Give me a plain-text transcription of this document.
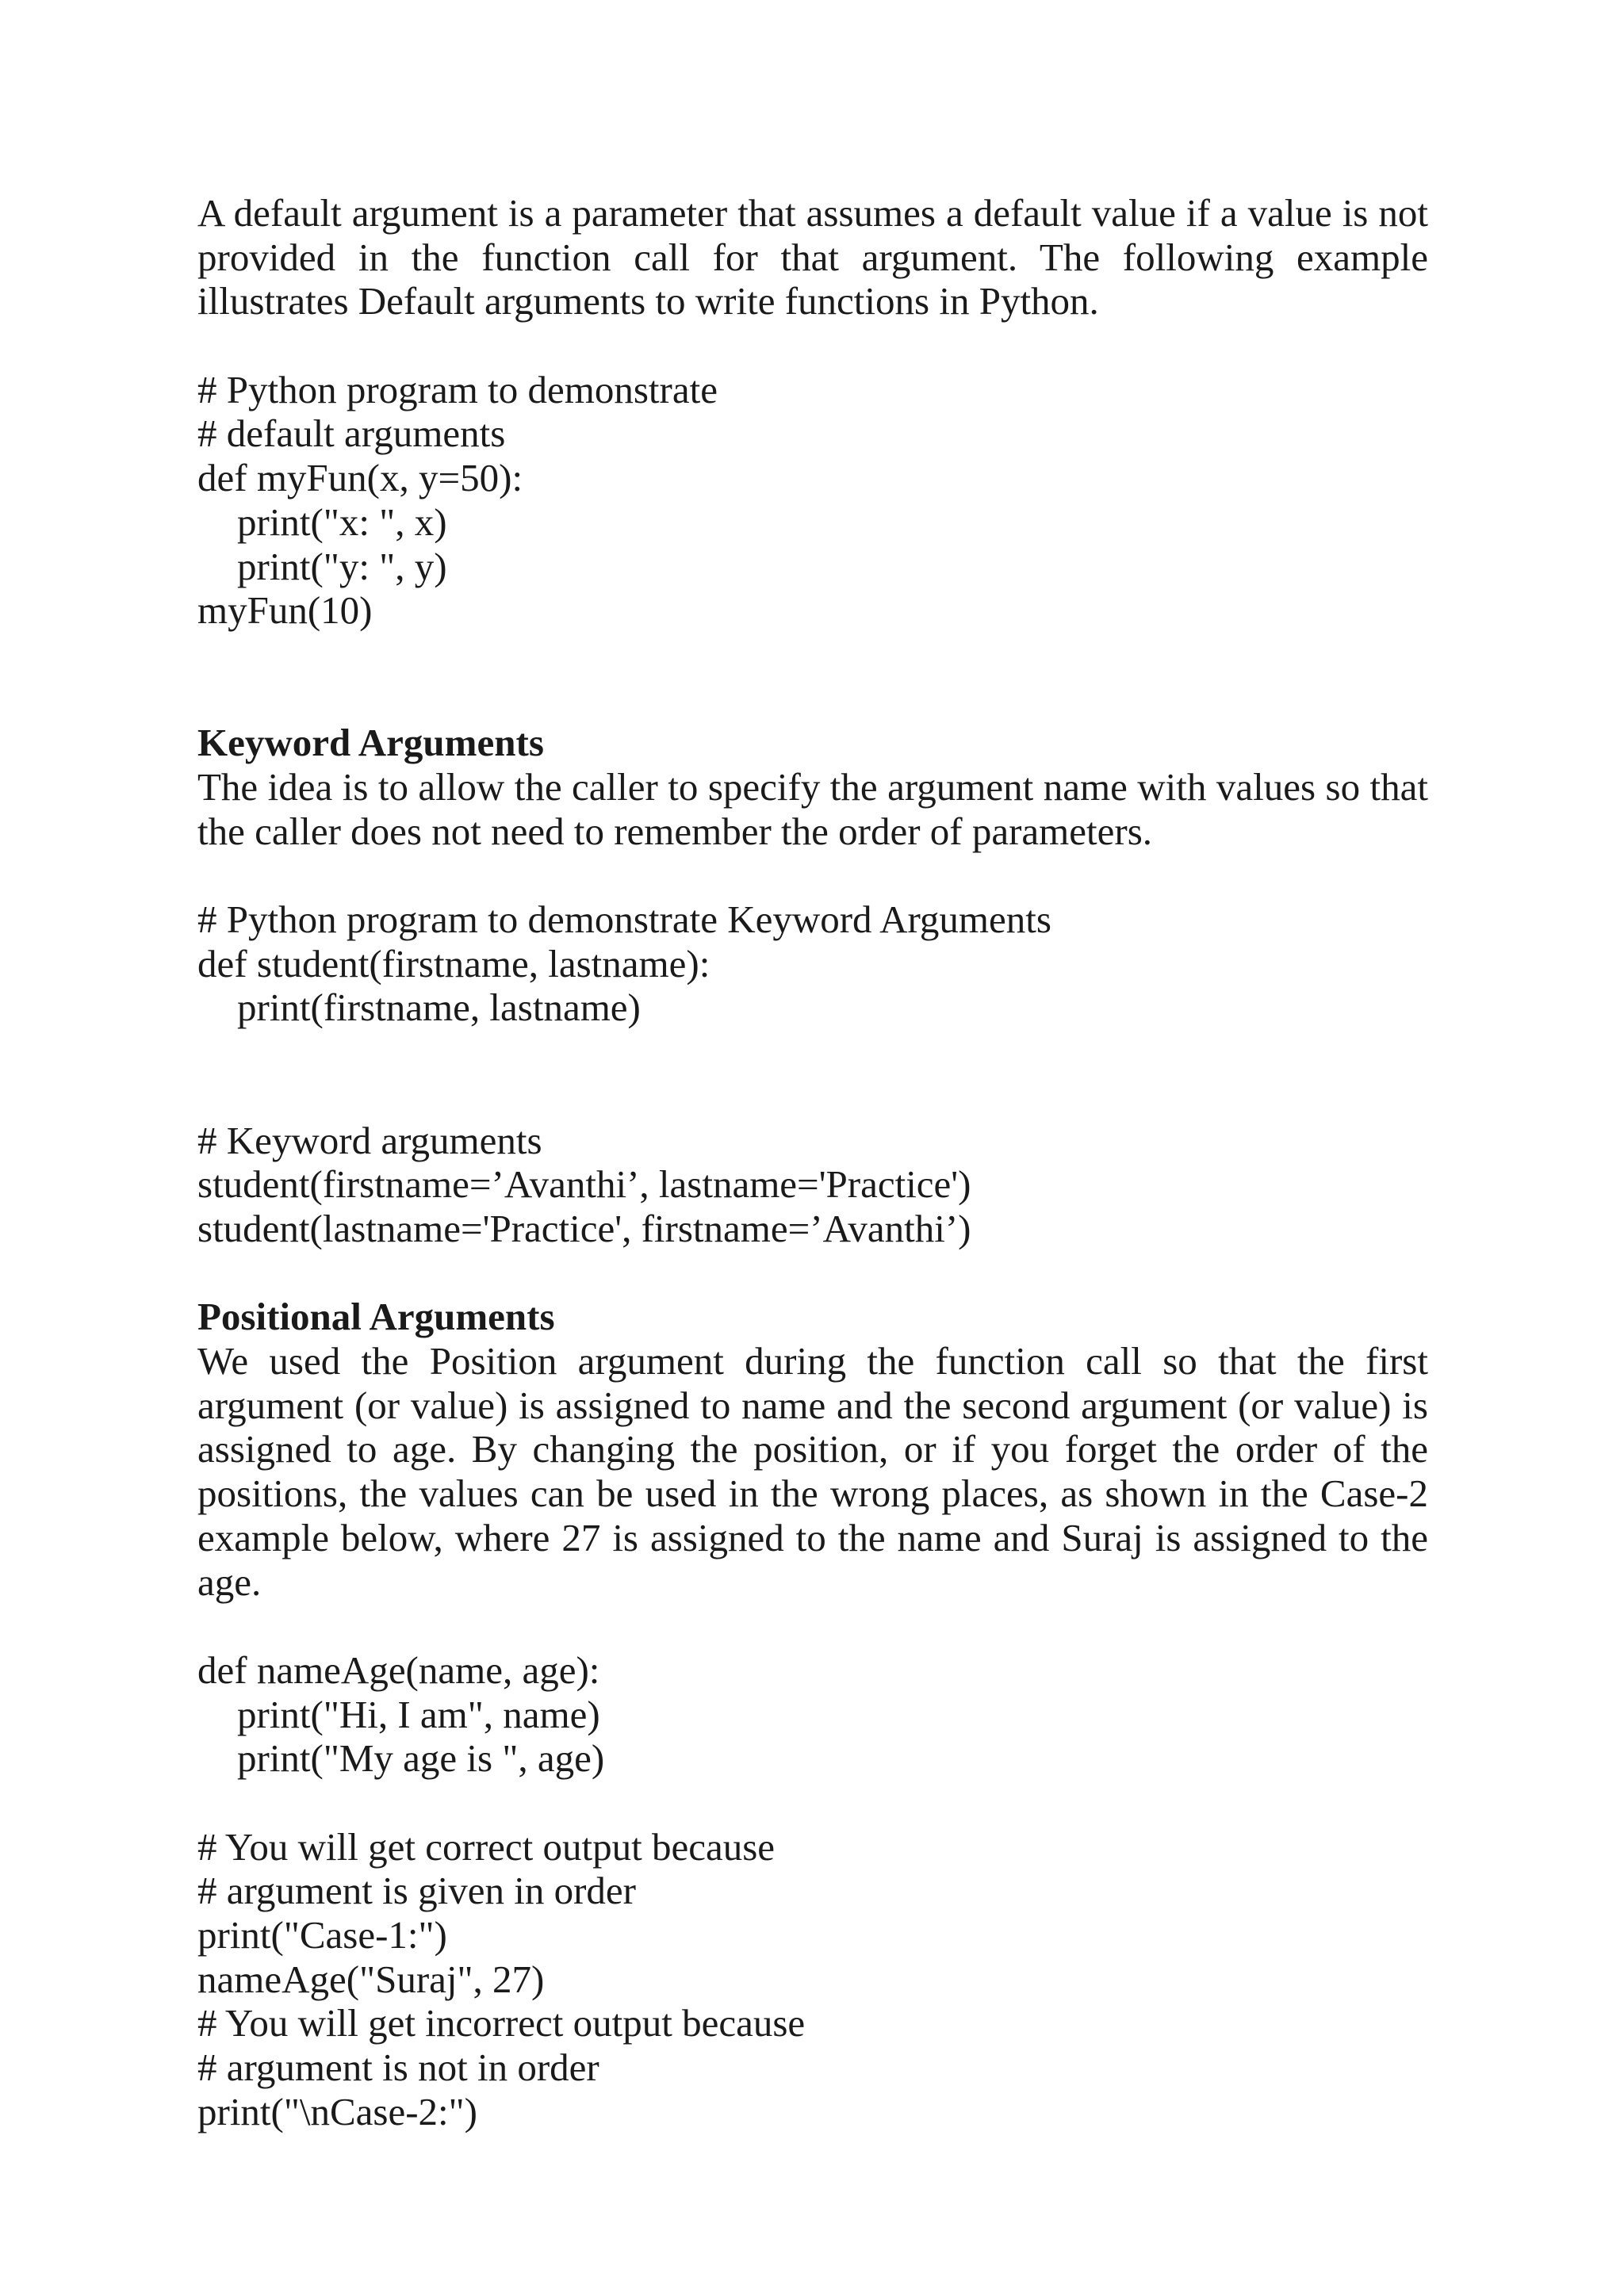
A default argument is a parameter that assumes a default value if a value is not provided in the function call for that argument. The following example illustrates Default arguments to write functions in Python.

# Python program to demonstrate
# default arguments
def myFun(x, y=50):
print("x: ", x)
print("y: ", y)
myFun(10)
Keyword Arguments

The idea is to allow the caller to specify the argument name with values so that the caller does not need to remember the order of parameters.

# Python program to demonstrate Keyword Arguments
def student(firstname, lastname):
print(firstname, lastname)
# Keyword arguments
student(firstname=’Avanthi’, lastname='Practice')
student(lastname='Practice', firstname=’Avanthi’)
Positional Arguments

We used the Position argument during the function call so that the first argument (or value) is assigned to name and the second argument (or value) is assigned to age. By changing the position, or if you forget the order of the positions, the values can be used in the wrong places, as shown in the Case-2 example below, where 27 is assigned to the name and Suraj is assigned to the age.

def nameAge(name, age):
print("Hi, I am", name)
print("My age is ", age)
# You will get correct output because
# argument is given in order
print("Case-1:")
nameAge("Suraj", 27)
# You will get incorrect output because
# argument is not in order
print("\nCase-2:")
